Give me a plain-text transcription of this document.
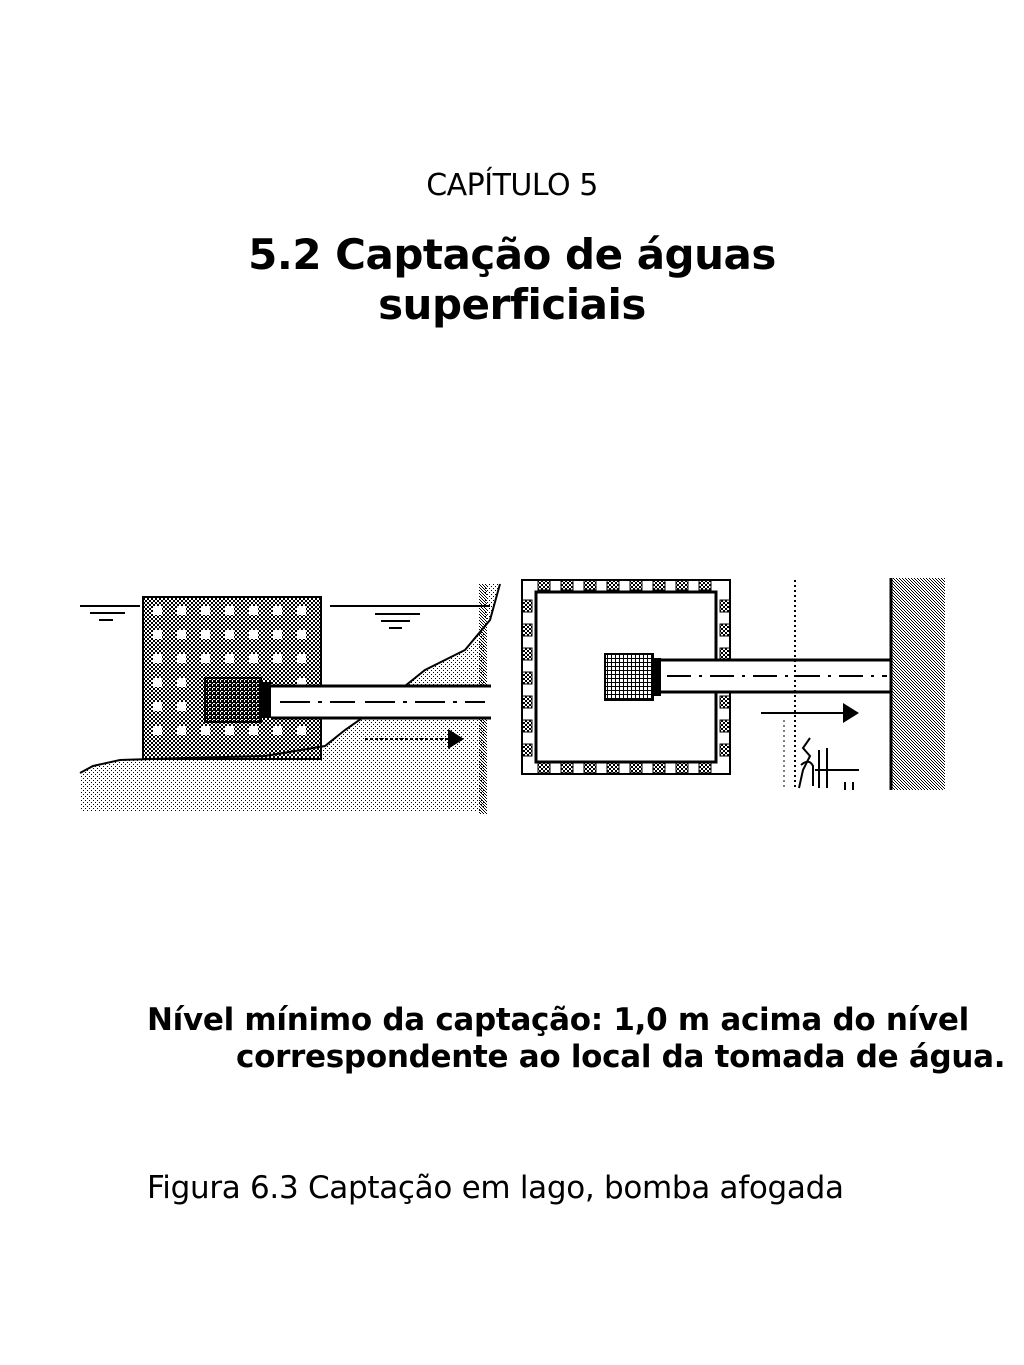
CAPÍTULO 5
5.2 Captação de águas
superficiais
Nível mínimo da captação: 1,0 m acima do nível correspondente ao local da tomada de água.
Figura 6.3 Captação em lago, bomba afogada
